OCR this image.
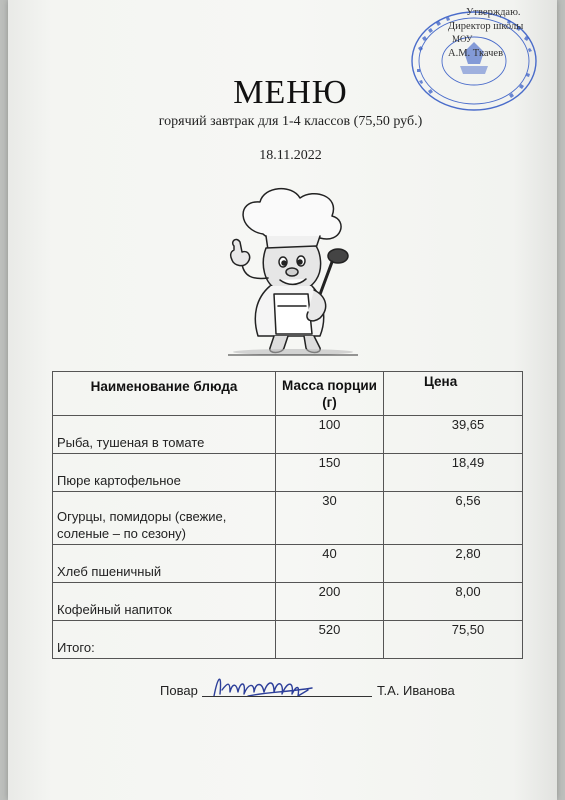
Утверждаю.
Директор школы
МОУ
А.М. Ткачев
МЕНЮ
горячий завтрак для 1-4 классов (75,50 руб.)
18.11.2022
Наименование блюда	Масса порции (г)	Цена
Рыба, тушеная в томате	100	39,65
Пюре картофельное	150	18,49
Огурцы, помидоры (свежие, соленые – по сезону)	30	6,56
Хлеб пшеничный	40	2,80
Кофейный напиток	200	8,00
Итого:	520	75,50
Повар	Т.А. Иванова
